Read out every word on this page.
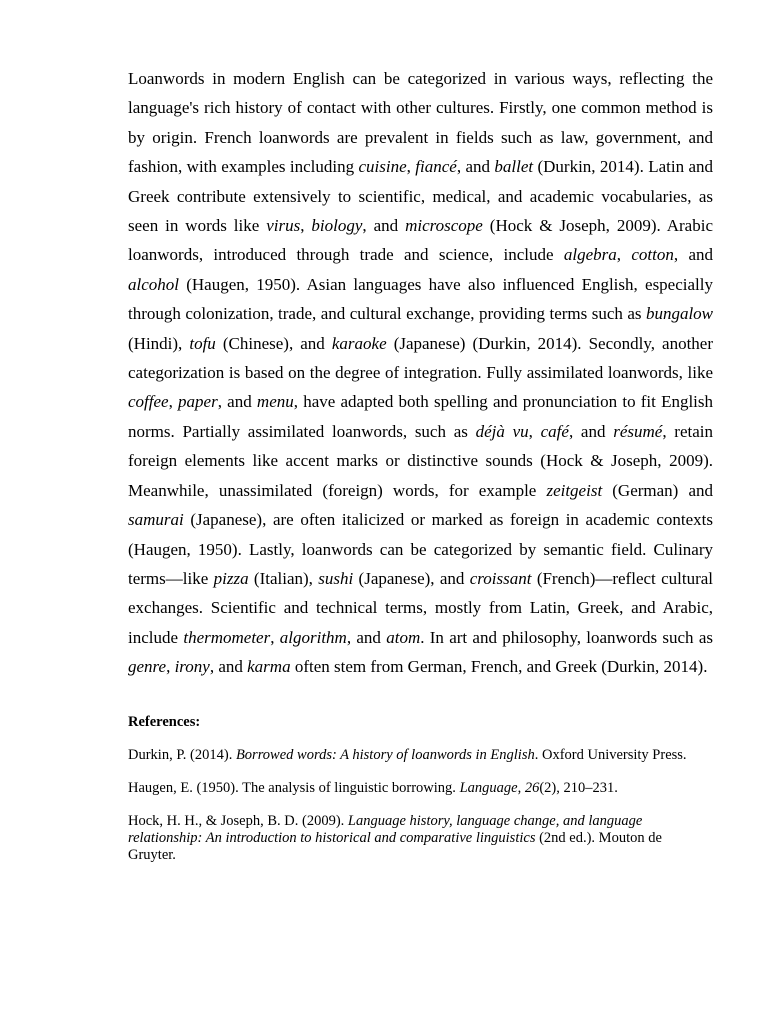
Loanwords in modern English can be categorized in various ways, reflecting the language's rich history of contact with other cultures. Firstly, one common method is by origin. French loanwords are prevalent in fields such as law, government, and fashion, with examples including cuisine, fiancé, and ballet (Durkin, 2014). Latin and Greek contribute extensively to scientific, medical, and academic vocabularies, as seen in words like virus, biology, and microscope (Hock & Joseph, 2009). Arabic loanwords, introduced through trade and science, include algebra, cotton, and alcohol (Haugen, 1950). Asian languages have also influenced English, especially through colonization, trade, and cultural exchange, providing terms such as bungalow (Hindi), tofu (Chinese), and karaoke (Japanese) (Durkin, 2014). Secondly, another categorization is based on the degree of integration. Fully assimilated loanwords, like coffee, paper, and menu, have adapted both spelling and pronunciation to fit English norms. Partially assimilated loanwords, such as déjà vu, café, and résumé, retain foreign elements like accent marks or distinctive sounds (Hock & Joseph, 2009). Meanwhile, unassimilated (foreign) words, for example zeitgeist (German) and samurai (Japanese), are often italicized or marked as foreign in academic contexts (Haugen, 1950). Lastly, loanwords can be categorized by semantic field. Culinary terms—like pizza (Italian), sushi (Japanese), and croissant (French)—reflect cultural exchanges. Scientific and technical terms, mostly from Latin, Greek, and Arabic, include thermometer, algorithm, and atom. In art and philosophy, loanwords such as genre, irony, and karma often stem from German, French, and Greek (Durkin, 2014).

References:

Durkin, P. (2014). Borrowed words: A history of loanwords in English. Oxford University Press.

Haugen, E. (1950). The analysis of linguistic borrowing. Language, 26(2), 210–231.

Hock, H. H., & Joseph, B. D. (2009). Language history, language change, and language relationship: An introduction to historical and comparative linguistics (2nd ed.). Mouton de Gruyter.
